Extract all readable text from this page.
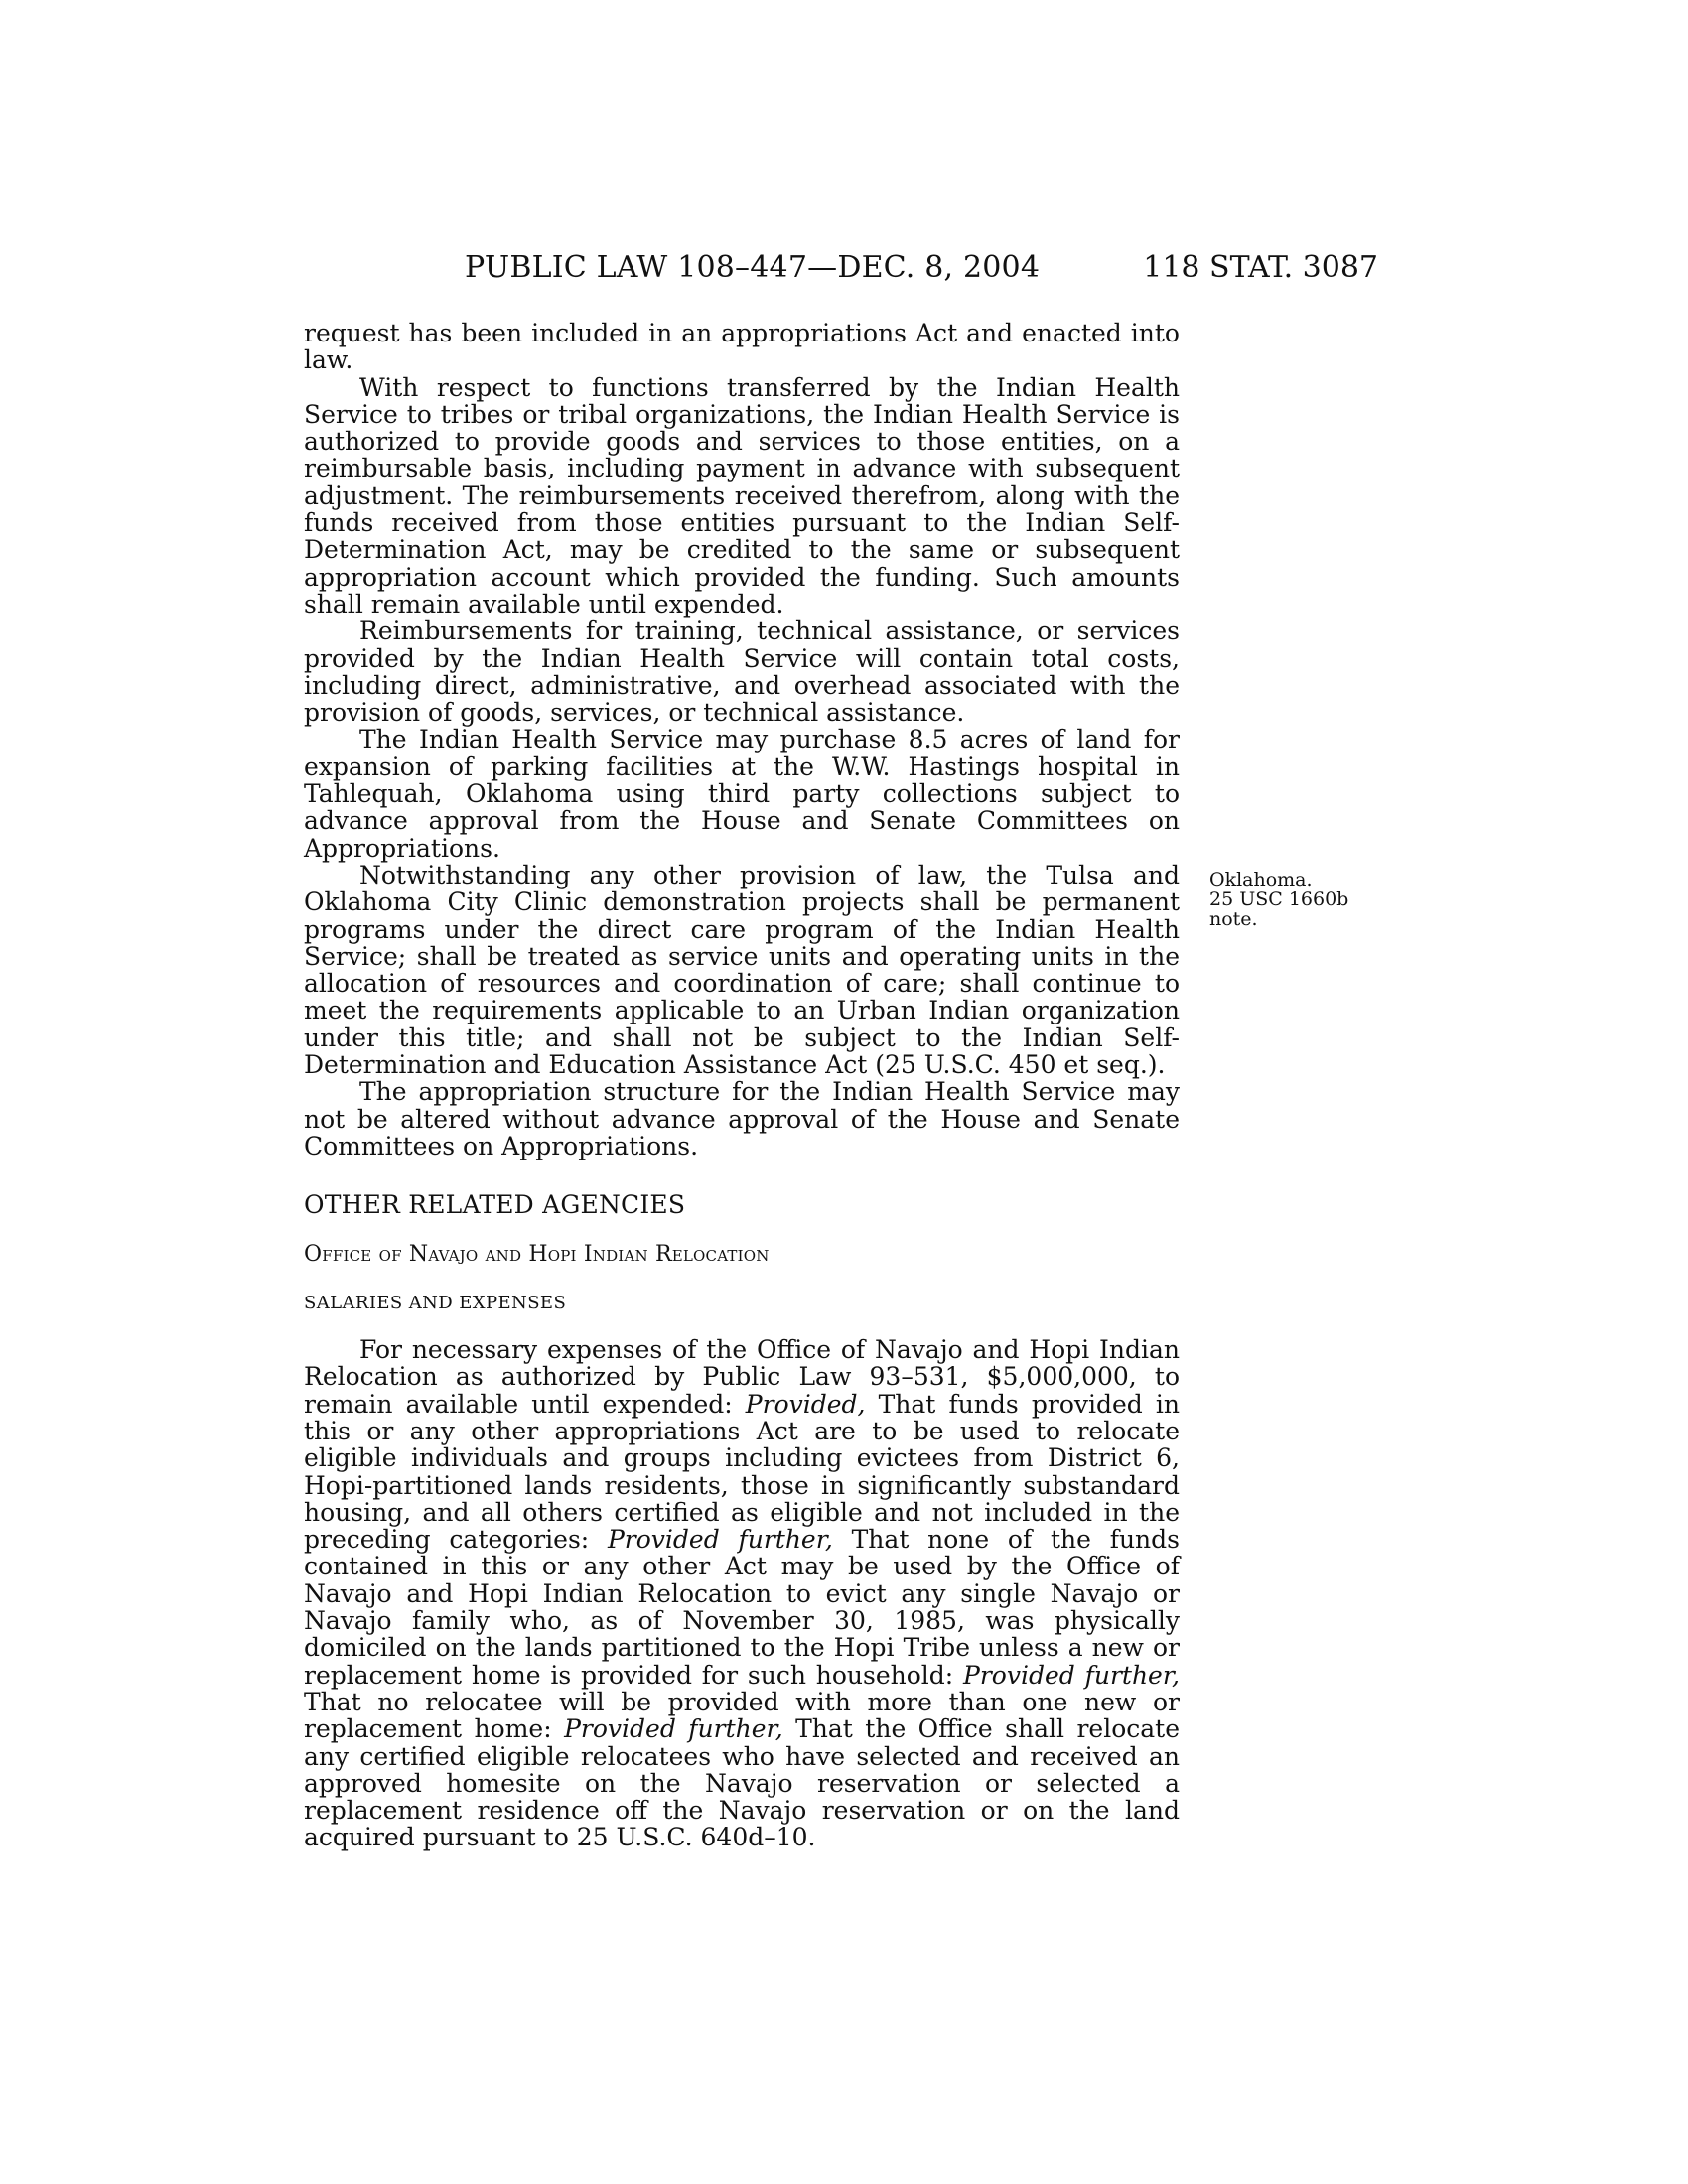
PUBLIC LAW 108–447—DEC. 8, 2004	118 STAT. 3087

request has been included in an appropriations Act and enacted into law.

With respect to functions transferred by the Indian Health Service to tribes or tribal organizations, the Indian Health Service is authorized to provide goods and services to those entities, on a reimbursable basis, including payment in advance with subsequent adjustment. The reimbursements received therefrom, along with the funds received from those entities pursuant to the Indian Self-Determination Act, may be credited to the same or subsequent appropriation account which provided the funding. Such amounts shall remain available until expended.

Reimbursements for training, technical assistance, or services provided by the Indian Health Service will contain total costs, including direct, administrative, and overhead associated with the provision of goods, services, or technical assistance.

The Indian Health Service may purchase 8.5 acres of land for expansion of parking facilities at the W.W. Hastings hospital in Tahlequah, Oklahoma using third party collections subject to advance approval from the House and Senate Committees on Appropriations.

Notwithstanding any other provision of law, the Tulsa and Oklahoma City Clinic demonstration projects shall be permanent programs under the direct care program of the Indian Health Service; shall be treated as service units and operating units in the allocation of resources and coordination of care; shall continue to meet the requirements applicable to an Urban Indian organization under this title; and shall not be subject to the Indian Self-Determination and Education Assistance Act (25 U.S.C. 450 et seq.).

The appropriation structure for the Indian Health Service may not be altered without advance approval of the House and Senate Committees on Appropriations.

OTHER RELATED AGENCIES

Office of Navajo and Hopi Indian Relocation

SALARIES AND EXPENSES

For necessary expenses of the Office of Navajo and Hopi Indian Relocation as authorized by Public Law 93–531, $5,000,000, to remain available until expended: Provided, That funds provided in this or any other appropriations Act are to be used to relocate eligible individuals and groups including evictees from District 6, Hopi-partitioned lands residents, those in significantly substandard housing, and all others certified as eligible and not included in the preceding categories: Provided further, That none of the funds contained in this or any other Act may be used by the Office of Navajo and Hopi Indian Relocation to evict any single Navajo or Navajo family who, as of November 30, 1985, was physically domiciled on the lands partitioned to the Hopi Tribe unless a new or replacement home is provided for such household: Provided further, That no relocatee will be provided with more than one new or replacement home: Provided further, That the Office shall relocate any certified eligible relocatees who have selected and received an approved homesite on the Navajo reservation or selected a replacement residence off the Navajo reservation or on the land acquired pursuant to 25 U.S.C. 640d–10.

Oklahoma.
25 USC 1660b
note.
